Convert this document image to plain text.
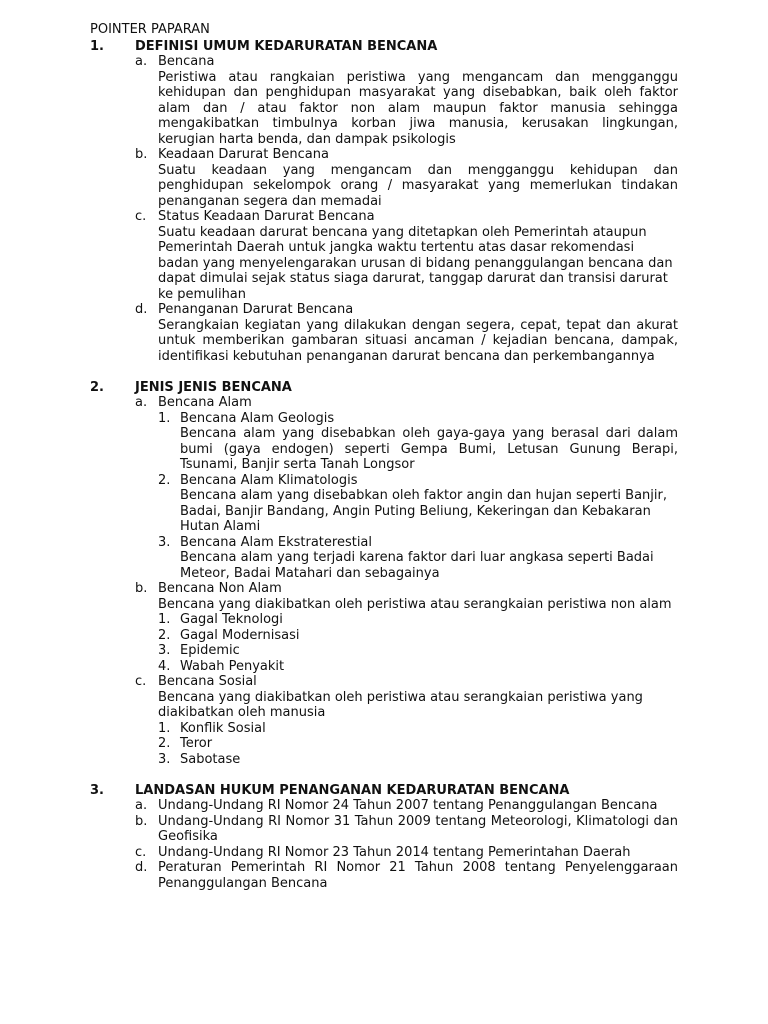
POINTER PAPARAN
1.	DEFINISI UMUM KEDARURATAN BENCANA
a. Bencana
Peristiwa atau rangkaian peristiwa yang mengancam dan mengganggu kehidupan dan penghidupan masyarakat yang disebabkan, baik oleh faktor alam dan / atau faktor non alam maupun faktor manusia sehingga mengakibatkan timbulnya korban jiwa manusia, kerusakan lingkungan, kerugian harta benda, dan dampak psikologis
b. Keadaan Darurat Bencana
Suatu keadaan yang mengancam dan mengganggu kehidupan dan penghidupan sekelompok orang / masyarakat yang memerlukan tindakan penanganan segera dan memadai
c. Status Keadaan Darurat Bencana
Suatu keadaan darurat bencana yang ditetapkan oleh Pemerintah ataupun Pemerintah Daerah untuk jangka waktu tertentu atas dasar rekomendasi badan yang menyelengarakan urusan di bidang penanggulangan bencana dan dapat dimulai sejak status siaga darurat, tanggap darurat dan transisi darurat ke pemulihan
d. Penanganan Darurat Bencana
Serangkaian kegiatan yang dilakukan dengan segera, cepat, tepat dan akurat untuk memberikan gambaran situasi ancaman / kejadian bencana, dampak, identifikasi kebutuhan penanganan darurat bencana dan perkembangannya
2.	JENIS JENIS BENCANA
a. Bencana Alam
1. Bencana Alam Geologis
Bencana alam yang disebabkan oleh gaya-gaya yang berasal dari dalam bumi (gaya endogen) seperti Gempa Bumi, Letusan Gunung Berapi, Tsunami, Banjir serta Tanah Longsor
2. Bencana Alam Klimatologis
Bencana alam yang disebabkan oleh faktor angin dan hujan seperti Banjir, Badai, Banjir Bandang, Angin Puting Beliung, Kekeringan dan Kebakaran Hutan Alami
3. Bencana Alam Ekstraterestial
Bencana alam yang terjadi karena faktor dari luar angkasa seperti Badai Meteor, Badai Matahari dan sebagainya
b. Bencana Non Alam
Bencana yang diakibatkan oleh peristiwa atau serangkaian peristiwa non alam
1. Gagal Teknologi
2. Gagal Modernisasi
3. Epidemic
4. Wabah Penyakit
c. Bencana Sosial
Bencana yang diakibatkan oleh peristiwa atau serangkaian peristiwa yang diakibatkan oleh manusia
1. Konflik Sosial
2. Teror
3. Sabotase
3.	LANDASAN HUKUM PENANGANAN KEDARURATAN BENCANA
a. Undang-Undang RI Nomor 24 Tahun 2007 tentang Penanggulangan Bencana
b. Undang-Undang RI Nomor 31 Tahun 2009 tentang Meteorologi, Klimatologi dan Geofisika
c. Undang-Undang RI Nomor 23 Tahun 2014 tentang Pemerintahan Daerah
d. Peraturan Pemerintah RI Nomor 21 Tahun 2008 tentang Penyelenggaraan Penanggulangan Bencana
